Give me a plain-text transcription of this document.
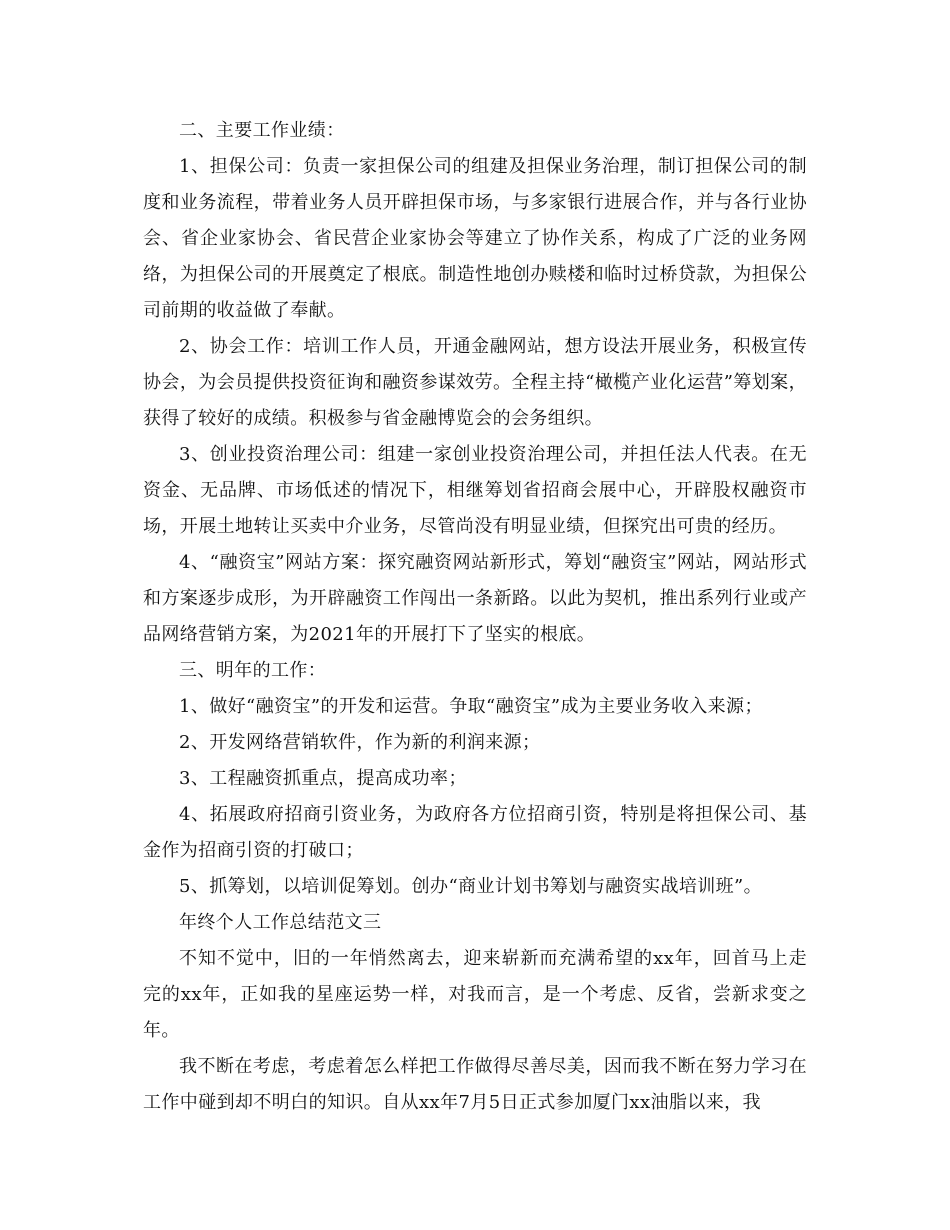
二、主要工作业绩：

1、担保公司：负责一家担保公司的组建及担保业务治理，制订担保公司的制度和业务流程，带着业务人员开辟担保市场，与多家银行进展合作，并与各行业协会、省企业家协会、省民营企业家协会等建立了协作关系，构成了广泛的业务网络，为担保公司的开展奠定了根底。制造性地创办赎楼和临时过桥贷款，为担保公司前期的收益做了奉献。

2、协会工作：培训工作人员，开通金融网站，想方设法开展业务，积极宣传协会，为会员提供投资征询和融资参谋效劳。全程主持“橄榄产业化运营”筹划案，获得了较好的成绩。积极参与省金融博览会的会务组织。

3、创业投资治理公司：组建一家创业投资治理公司，并担任法人代表。在无资金、无品牌、市场低述的情况下，相继筹划省招商会展中心，开辟股权融资市场，开展土地转让买卖中介业务，尽管尚没有明显业绩，但探究出可贵的经历。

4、“融资宝”网站方案：探究融资网站新形式，筹划“融资宝”网站，网站形式和方案逐步成形，为开辟融资工作闯出一条新路。以此为契机，推出系列行业或产品网络营销方案，为2021年的开展打下了坚实的根底。

三、明年的工作：

1、做好“融资宝”的开发和运营。争取“融资宝”成为主要业务收入来源；

2、开发网络营销软件，作为新的利润来源；

3、工程融资抓重点，提高成功率；

4、拓展政府招商引资业务，为政府各方位招商引资，特别是将担保公司、基金作为招商引资的打破口；

5、抓筹划，以培训促筹划。创办“商业计划书筹划与融资实战培训班”。

年终个人工作总结范文三

不知不觉中，旧的一年悄然离去，迎来崭新而充满希望的xx年，回首马上走完的xx年，正如我的星座运势一样，对我而言，是一个考虑、反省，尝新求变之年。

我不断在考虑，考虑着怎么样把工作做得尽善尽美，因而我不断在努力学习在工作中碰到却不明白的知识。自从xx年7月5日正式参加厦门xx油脂以来，我
